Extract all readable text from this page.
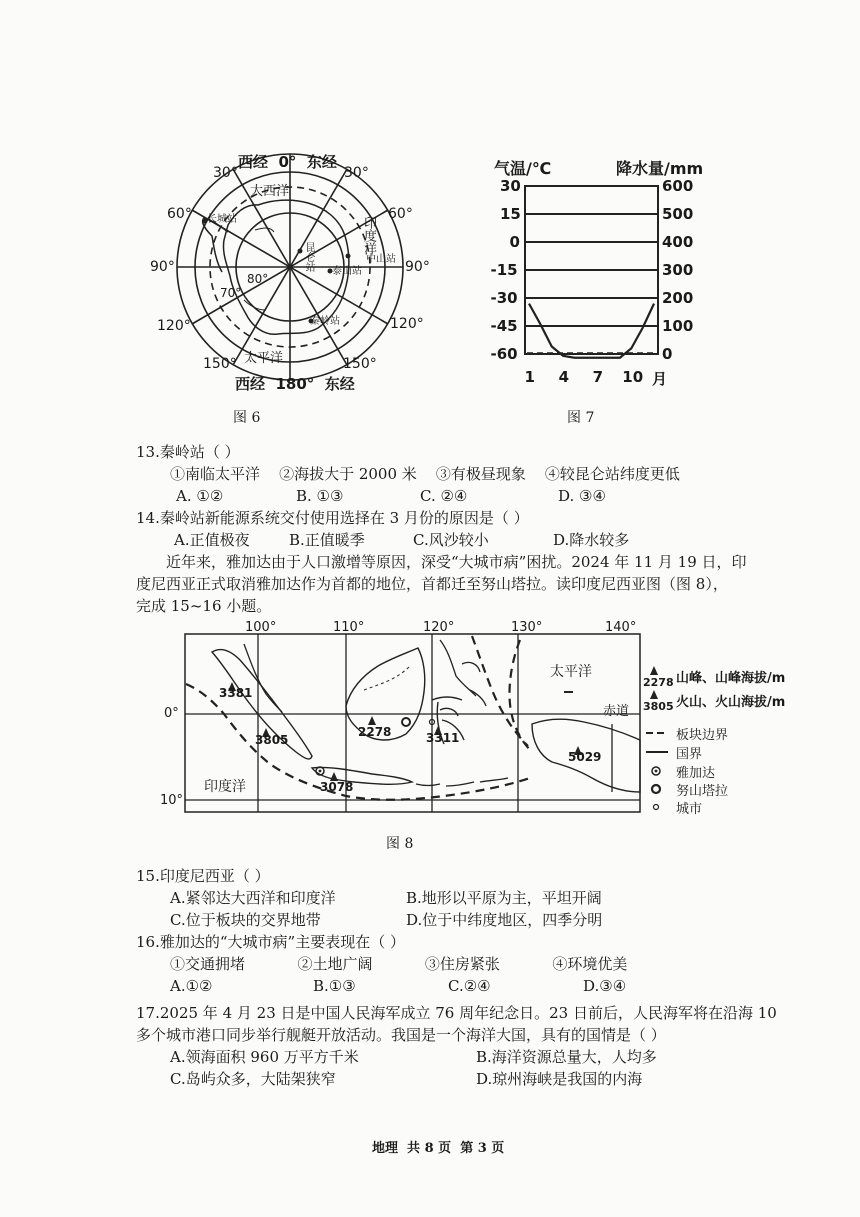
西经  0°  东经
西经  180°  东经
30°	30°
60°	60°
90°	90°
120°	120°
150°	150°
大西洋
太平洋
印度洋
80°
70°
长城站
昆仑站	中山站
泰山站
秦岭站
图 6
气温/℃	降水量/mm
30	600
15	500
0	400
-15	300
-30	200
-45	100
-60	0
1 4 7 10 月
图 7
13.秦岭站（ ）
①南临太平洋    ②海拔大于 2000 米    ③有极昼现象    ④较昆仑站纬度更低
A. ①②	B. ①③	C. ②④	D. ③④
14.秦岭站新能源系统交付使用选择在 3 月份的原因是（ ）
A.正值极夜	B.正值暖季	C.风沙较小	D.降水较多
近年来，雅加达由于人口激增等原因，深受“大城市病”困扰。2024 年 11 月 19 日，印
度尼西亚正式取消雅加达作为首都的地位，首都迁至努山塔拉。读印度尼西亚图（图 8），
完成 15~16 小题。
100°	110°	120°	130°	140°
0°
10°
太平洋
印度洋
赤道
3381
3805
2278	3311
3078
5029
2278 山峰、山峰海拔/m
3805 火山、火山海拔/m
板块边界
国界
雅加达
努山塔拉
城市
图 8
15.印度尼西亚（ ）
A.紧邻达大西洋和印度洋	B.地形以平原为主，平坦开阔
C.位于板块的交界地带	D.位于中纬度地区，四季分明
16.雅加达的“大城市病”主要表现在（ ）
①交通拥堵           ②土地广阔           ③住房紧张           ④环境优美
A.①②	B.①③	C.②④	D.③④
17.2025 年 4 月 23 日是中国人民海军成立 76 周年纪念日。23 日前后，人民海军将在沿海 10
多个城市港口同步举行舰艇开放活动。我国是一个海洋大国，具有的国情是（ ）
A.领海面积 960 万平方千米	B.海洋资源总量大，人均多
C.岛屿众多，大陆架狭窄	D.琼州海峡是我国的内海
地理  共 8 页  第 3 页
